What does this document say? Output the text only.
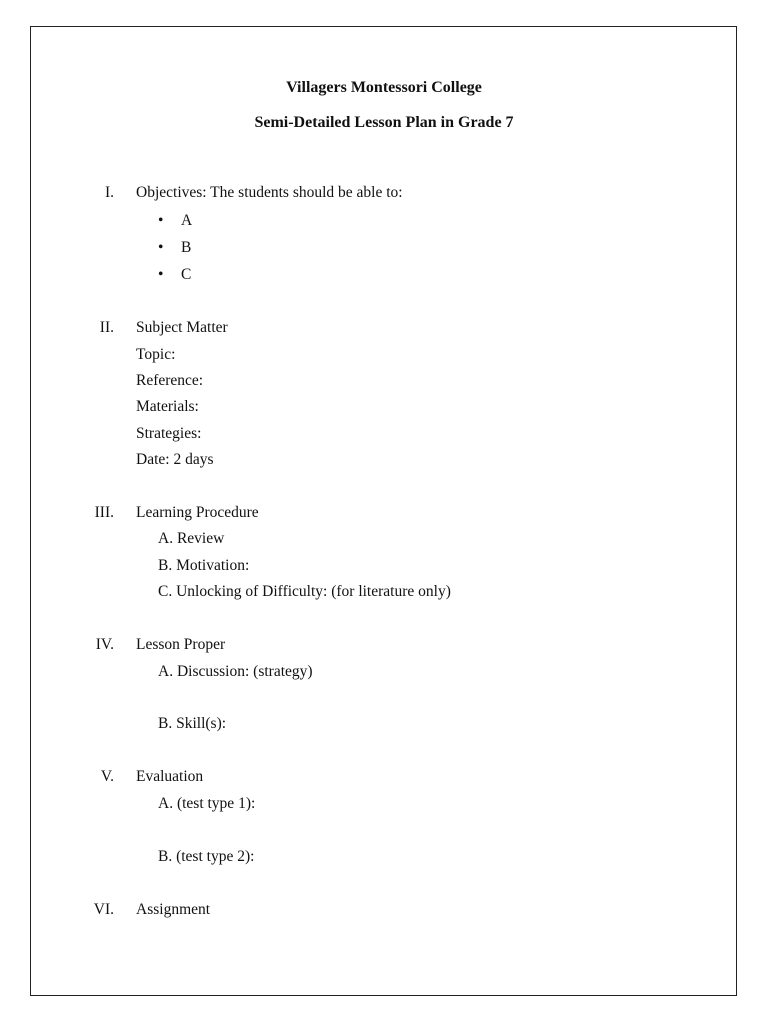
Villagers Montessori College
Semi-Detailed Lesson Plan in Grade 7
I. Objectives: The students should be able to:
• A
• B
• C
II. Subject Matter
Topic:
Reference:
Materials:
Strategies:
Date: 2 days
III. Learning Procedure
A. Review
B. Motivation:
C. Unlocking of Difficulty: (for literature only)
IV. Lesson Proper
A. Discussion: (strategy)
B. Skill(s):
V. Evaluation
A. (test type 1):
B. (test type 2):
VI. Assignment
